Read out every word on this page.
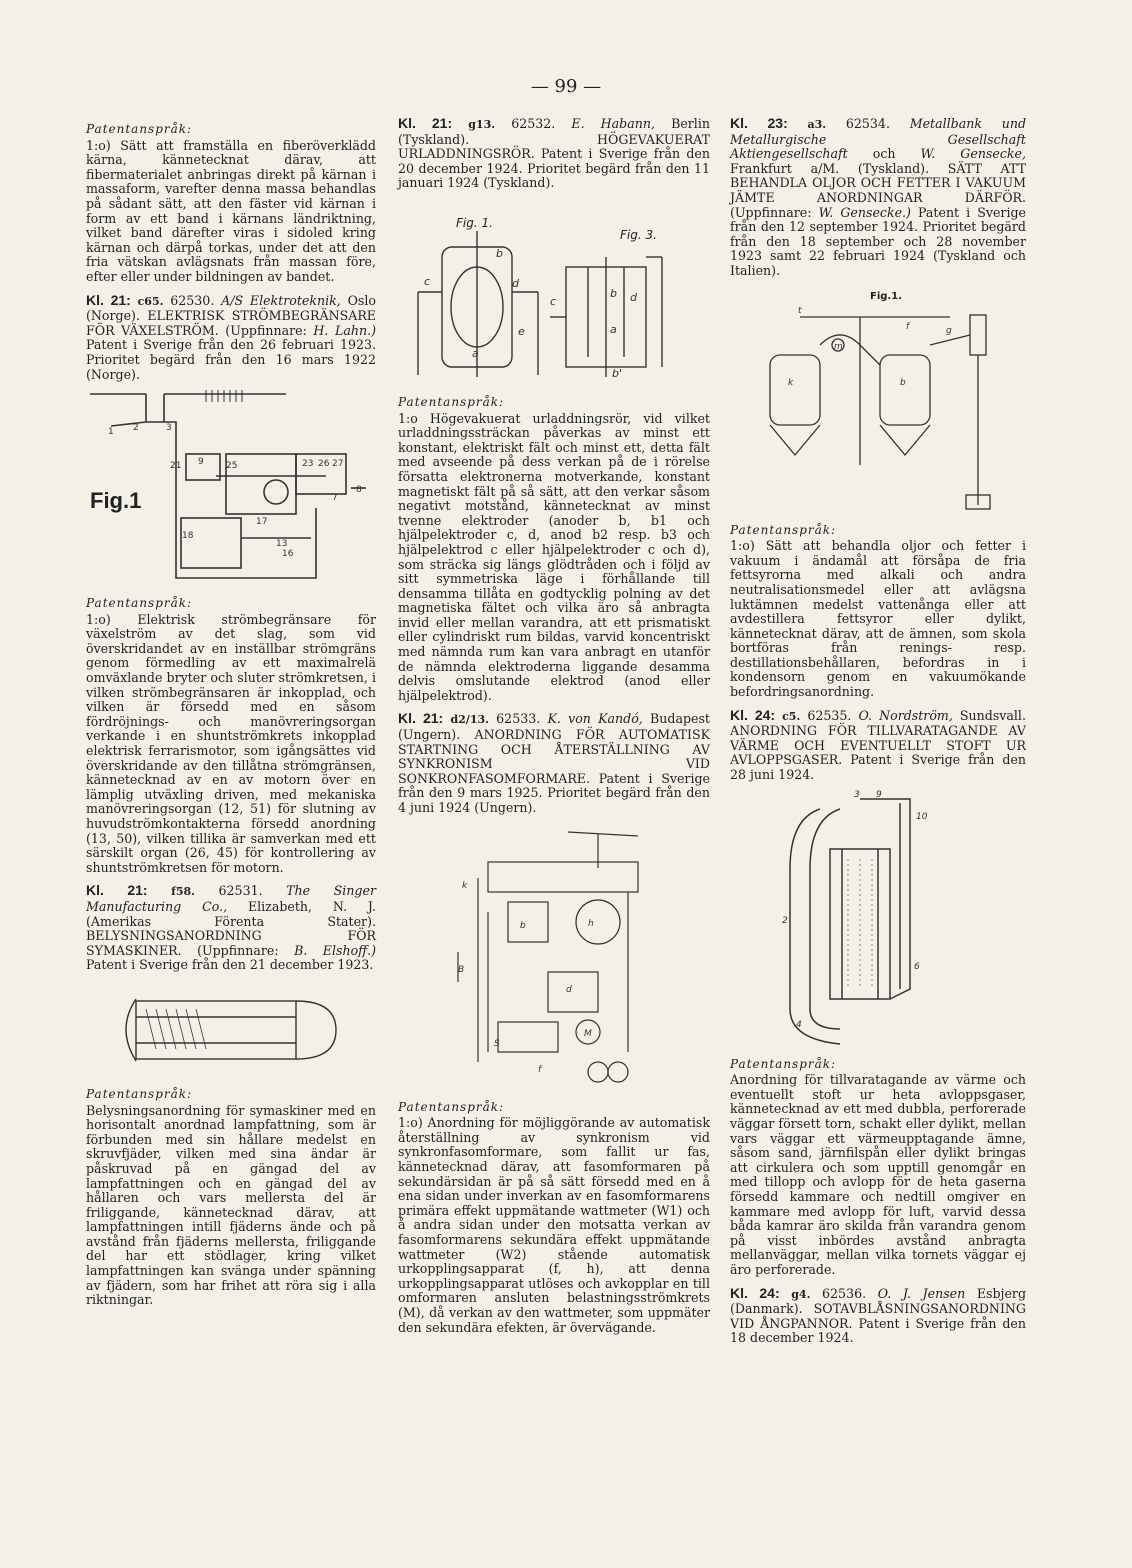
— 99 —
Patentanspråk:

1:o) Sätt att framställa en fiberöverklädd kärna, kännetecknat därav, att fibermaterialet anbringas direkt på kärnan i massaform, varefter denna massa behandlas på sådant sätt, att den fäster vid kärnan i form av ett band i kärnans ländriktning, vilket band därefter viras i sidoled kring kärnan och därpå torkas, under det att den fria vätskan avlägsnats från massan före, efter eller under bildningen av bandet.

Kl. 21: c65. 62530. A/S Elektroteknik, Oslo (Norge). ELEKTRISK STRÖMBEGRÄNSARE FÖR VÄXELSTRÖM. (Uppfinnare: H. Lahn.) Patent i Sverige från den 26 februari 1923. Prioritet begärd från den 16 mars 1922 (Norge).
1 2	3
21 9 25	23 26 27
8
7
17
13
16
18
Fig.1
Patentanspråk:

1:o) Elektrisk strömbegränsare för växelström av det slag, som vid överskridandet av en inställbar strömgräns genom förmedling av ett maximalrelä omväxlande bryter och sluter strömkretsen, i vilken strömbegränsaren är inkopplad, och vilken är försedd med en såsom fördröjnings- och manövreringsorgan verkande i en shuntströmkrets inkopplad elektrisk ferrarismotor, som igångsättes vid överskridande av den tillåtna strömgränsen, kännetecknad av en av motorn över en lämplig utväxling driven, med mekaniska manövreringsorgan (12, 51) för slutning av huvudströmkontakterna försedd anordning (13, 50), vilken tillika är samverkan med ett särskilt organ (26, 45) för kontrollering av shuntströmkretsen för motorn.

Kl. 21: f58. 62531. The Singer Manufacturing Co., Elizabeth, N. J. (Amerikas Förenta Stater). BELYSNINGSANORDNING FÖR SYMASKINER. (Uppfinnare: B. Elshoff.) Patent i Sverige från den 21 december 1923.
Patentanspråk:

Belysningsanordning för symaskiner med en horisontalt anordnad lampfattning, som är förbunden med sin hållare medelst en skruvfjäder, vilken med sina ändar är påskruvad på en gängad del av lampfattningen och en gängad del av hållaren och vars mellersta del är friliggande, kännetecknad därav, att lampfattningen intill fjäderns ände och på avstånd från fjäderns mellersta, friliggande del har ett stödlager, kring vilket lampfattningen kan svänga under spänning av fjädern, som har frihet att röra sig i alla riktningar.

Kl. 21: g13. 62532. E. Habann, Berlin (Tyskland). HÖGEVAKUERAT URLADDNINGSRÖR. Patent i Sverige från den 20 december 1924. Prioritet begärd från den 11 januari 1924 (Tyskland).
Fig. 1.
Fig. 3.
c
b
d
e
a
c
b d
a
b'
Patentanspråk:

1:o Högevakuerat urladdningsrör, vid vilket urladdningssträckan påverkas av minst ett konstant, elektriskt fält och minst ett, detta fält med avseende på dess verkan på de i rörelse försatta elektronerna motverkande, konstant magnetiskt fält på så sätt, att den verkar såsom negativt motstånd, kännetecknat av minst tvenne elektroder (anoder b, b1 och hjälpelektroder c, d, anod b2 resp. b3 och hjälpelektrod c eller hjälpelektroder c och d), som sträcka sig längs glödtråden och i följd av sitt symmetriska läge i förhållande till densamma tillåta en godtycklig polning av det magnetiska fältet och vilka äro så anbragta invid eller mellan varandra, att ett prismatiskt eller cylindriskt rum bildas, varvid koncentriskt med nämnda rum kan vara anbragt en utanför de nämnda elektroderna liggande desamma delvis omslutande elektrod (anod eller hjälpelektrod).

Kl. 21: d2/13. 62533. K. von Kandó, Budapest (Ungern). ANORDNING FÖR AUTOMATISK STARTNING OCH ÅTERSTÄLLNING AV SYNKRONISM VID SONKRONFASOMFORMARE. Patent i Sverige från den 9 mars 1925. Prioritet begärd från den 4 juni 1924 (Ungern).
k
b	h
d
M
B
S
f
Patentanspråk:

1:o) Anordning för möjliggörande av automatisk återställning av synkronism vid synkronfasomformare, som fallit ur fas, kännetecknad därav, att fasomformaren på sekundärsidan är på så sätt försedd med en å ena sidan under inverkan av en fasomformarens primära effekt uppmätande wattmeter (W1) och å andra sidan under den motsatta verkan av fasomformarens sekundära effekt uppmätande wattmeter (W2) stående automatisk urkopplingsapparat (f, h), att denna urkopplingsapparat utlöses och avkopplar en till omformaren ansluten belastningsströmkrets (M), då verkan av den wattmeter, som uppmäter den sekundära efekten, är övervägande.

Kl. 23: a3. 62534. Metallbank und Metallurgische Gesellschaft Aktiengesellschaft och W. Gensecke, Frankfurt a/M. (Tyskland). SÄTT ATT BEHANDLA OLJOR OCH FETTER I VAKUUM JÄMTE ANORDNINGAR DÄRFÖR. (Uppfinnare: W. Gensecke.) Patent i Sverige från den 12 september 1924. Prioritet begärd från den 18 september och 28 november 1923 samt 22 februari 1924 (Tyskland och Italien).
Fig.1.
k	b
m
g
f
t
Patentanspråk:

1:o) Sätt att behandla oljor och fetter i vakuum i ändamål att försåpa de fria fettsyrorna med alkali och andra neutralisationsmedel eller att avlägsna luktämnen medelst vattenånga eller att avdestillera fettsyror eller dylikt, kännetecknat därav, att de ämnen, som skola bortföras från renings- resp. destillationsbehållaren, befordras in i kondensorn genom en vakuumökande befordringsanordning.

Kl. 24: c5. 62535. O. Nordström, Sundsvall. ANORDNING FÖR TILLVARATAGANDE AV VÄRME OCH EVENTUELLT STOFT UR AVLOPPSGASER. Patent i Sverige från den 28 juni 1924.
3 9
10
2
6
4
Patentanspråk:

Anordning för tillvaratagande av värme och eventuellt stoft ur heta avloppsgaser, kännetecknad av ett med dubbla, perforerade väggar försett torn, schakt eller dylikt, mellan vars väggar ett värmeupptagande ämne, såsom sand, järnfilspån eller dylikt bringas att cirkulera och som upptill genomgår en med tillopp och avlopp för de heta gaserna försedd kammare och nedtill omgiver en kammare med avlopp för luft, varvid dessa båda kamrar äro skilda från varandra genom på visst inbördes avstånd anbragta mellanväggar, mellan vilka tornets väggar ej äro perforerade.

Kl. 24: g4. 62536. O. J. Jensen Esbjerg (Danmark). SOTAVBLÅSNINGSANORDNING VID ÅNGPANNOR. Patent i Sverige från den 18 december 1924.
